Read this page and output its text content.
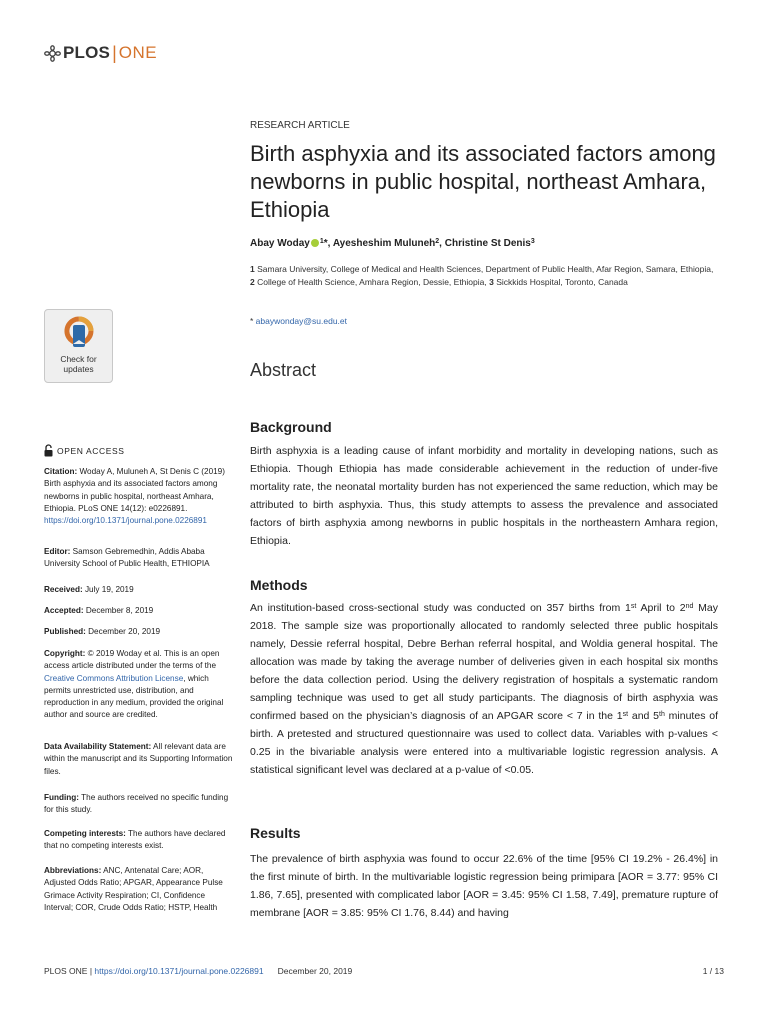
PLOS | ONE
RESEARCH ARTICLE
Birth asphyxia and its associated factors among newborns in public hospital, northeast Amhara, Ethiopia
Abay Woday $^1$*, Ayesheshim Muluneh$^2$, Christine St Denis$^3$
1 Samara University, College of Medical and Health Sciences, Department of Public Health, Afar Region, Samara, Ethiopia, 2 College of Health Science, Amhara Region, Dessie, Ethiopia, 3 Sickkids Hospital, Toronto, Canada
* abaywonday@su.edu.et
Abstract
Background
Birth asphyxia is a leading cause of infant morbidity and mortality in developing nations, such as Ethiopia. Though Ethiopia has made considerable achievement in the reduction of under-five mortality rate, the neonatal mortality burden has not experienced the same reduction, which may be attributed to birth asphyxia. Thus, this study attempts to assess the prevalence and associated factors of birth asphyxia among newborns in public hospitals in the northeastern Amhara region, Ethiopia.
Methods
An institution-based cross-sectional study was conducted on 357 births from 1st April to 2nd May 2018. The sample size was proportionally allocated to randomly selected three public hospitals namely, Dessie referral hospital, Debre Berhan referral hospital, and Woldia general hospital. The allocation was made by taking the average number of deliveries given in each hospital six months before the data collection period. Using the delivery registration of hospitals a systematic random sampling technique was used to get all study participants. The diagnosis of birth asphyxia was confirmed based on the physician’s diagnosis of an APGAR score < 7 in the 1st and 5th minutes of birth. A pretested and structured questionnaire was used to collect data. Variables with p-values < 0.25 in the bivariable analysis were entered into a multivariable logistic regression analysis. A statistical significant level was declared at a p-value of <0.05.
Results
The prevalence of birth asphyxia was found to occur 22.6% of the time [95% CI 19.2% - 26.4%] in the first minute of birth. In the multivariable logistic regression being primipara [AOR = 3.77: 95% CI 1.86, 7.65], presented with complicated labor [AOR = 3.45: 95% CI 1.58, 7.49], premature rupture of membrane [AOR = 3.85: 95% CI 1.76, 8.44) and having
Check for updates
OPEN ACCESS
Citation: Woday A, Muluneh A, St Denis C (2019) Birth asphyxia and its associated factors among newborns in public hospital, northeast Amhara, Ethiopia. PLoS ONE 14(12): e0226891. https://doi.org/10.1371/journal.pone.0226891
Editor: Samson Gebremedhin, Addis Ababa University School of Public Health, ETHIOPIA
Received: July 19, 2019
Accepted: December 8, 2019
Published: December 20, 2019
Copyright: © 2019 Woday et al. This is an open access article distributed under the terms of the Creative Commons Attribution License, which permits unrestricted use, distribution, and reproduction in any medium, provided the original author and source are credited.
Data Availability Statement: All relevant data are within the manuscript and its Supporting Information files.
Funding: The authors received no specific funding for this study.
Competing interests: The authors have declared that no competing interests exist.
Abbreviations: ANC, Antenatal Care; AOR, Adjusted Odds Ratio; APGAR, Appearance Pulse Grimace Activity Respiration; CI, Confidence Interval; COR, Crude Odds Ratio; HSTP, Health
PLOS ONE | https://doi.org/10.1371/journal.pone.0226891 December 20, 2019	1 / 13
